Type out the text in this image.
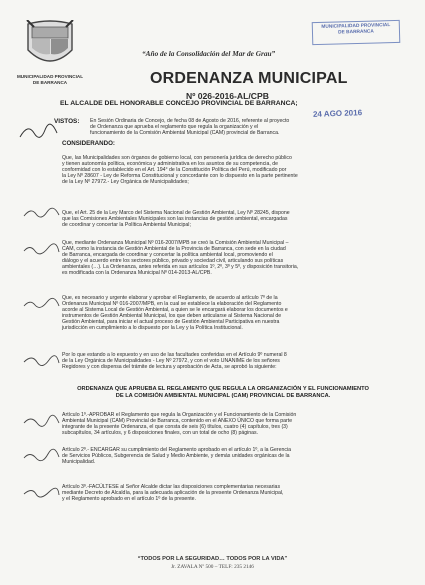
MUNICIPALIDAD PROVINCIAL
DE BARRANCA
“Año de la Consolidación del Mar de Grau”
MUNICIPALIDAD PROVINCIAL
DE BARRANCA
24 AGO 2016
ORDENANZA MUNICIPAL
Nº 026-2016-AL/CPB
EL ALCALDE DEL HONORABLE CONCEJO PROVINCIAL DE BARRANCA;
VISTOS: En Sesión Ordinaria de Concejo, de fecha 08 de Agosto de 2016, referente al proyecto
de Ordenanza que aprueba el reglamento que regula la organización y el
funcionamiento de la Comisión Ambiental Municipal (CAM) provincial de Barranca.
CONSIDERANDO:
Que, las Municipalidades son órganos de gobierno local, con personería jurídica de derecho público
y tienen autonomía política, económica y administrativa en los asuntos de su competencia, de
conformidad con lo establecido en el Art. 194° de la Constitución Política del Perú, modificado por
la Ley Nº 28607 - Ley de Reforma Constitucional y concordante con lo dispuesto en la parte pertinente
de la Ley Nº 27972.- Ley Orgánica de Municipalidades;
Que, el Art. 25 de la Ley Marco del Sistema Nacional de Gestión Ambiental, Ley Nº 28245, dispone
que las Comisiones Ambientales Municipales son las instancias de gestión ambiental, encargadas
de coordinar y concertar la Política Ambiental Municipal;
Que, mediante Ordenanza Municipal Nº 016-2007/MPB se creó la Comisión Ambiental Municipal –
CAM, como la instancia de Gestión Ambiental de la Provincia de Barranca, con sede en la ciudad
de Barranca, encargada de coordinar y concertar la política ambiental local, promoviendo el
diálogo y el acuerdo entre los sectores público, privado y sociedad civil, articulando sus políticas
ambientales (…). La Ordenanza, antes referida en sus artículos 1º, 2º, 3º y 5º, y disposición transitoria,
es modificada con la Ordenanza Municipal Nº 014-2013-AL/CPB.
Que, es necesario y urgente elaborar y aprobar el Reglamento, de acuerdo al artículo 7º de la
Ordenanza Municipal Nº 016-2007/MPB, en la cual se establece la elaboración del Reglamento
acorde al Sistema Local de Gestión Ambiental, a quien se le encargará elaborar los documentos e
instrumentos de Gestión Ambiental Municipal, los que deben articularse al Sistema Nacional de
Gestión Ambiental, para iniciar el actual proceso de Gestión Ambiental Participativa en nuestra
jurisdicción en cumplimiento a lo dispuesto por la Ley y la Política Institucional.
Por lo que estando a lo expuesto y en uso de las facultades conferidas en el Artículo 9º numeral 8
de la Ley Orgánica de Municipalidades - Ley Nº 27972, y con el voto UNANIME de los señores
Regidores y con dispensa del trámite de lectura y aprobación de Acta, se aprobó la siguiente:
ORDENANZA QUE APRUEBA EL REGLAMENTO QUE REGULA LA ORGANIZACIÓN Y EL FUNCIONAMIENTO
DE LA COMISIÓN AMBIENTAL MUNICIPAL (CAM) PROVINCIAL DE BARRANCA.
Artículo 1º.-APROBAR el Reglamento que regula la Organización y el Funcionamiento de la Comisión
Ambiental Municipal (CAM) Provincial de Barranca, contenido en el ANEXO ÚNICO que forma parte
integrante de la presente Ordenanza, el que consta de seis (6) títulos, cuatro (4) capítulos, tres (3)
subcapítulos, 34 artículos, y 6 disposiciones finales, con un total de ocho (8) páginas.
Artículo 2º.- ENCARGAR su cumplimiento del Reglamento aprobado en el artículo 1º, a la Gerencia
de Servicios Públicos, Subgerencia de Salud y Medio Ambiente, y demás unidades orgánicas de la
Municipalidad.
Artículo 3º.-FACÚLTESE al Señor Alcalde dictar las disposiciones complementarias necesarias
mediante Decreto de Alcaldía, para la adecuada aplicación de la presente Ordenanza Municipal,
y el Reglamento aprobado en el artículo 1º de la presente.
“TODOS POR LA SEGURIDAD… TODOS POR LA VIDA”
Jr. ZAVALA Nº 500 – TELF: 235 2146
